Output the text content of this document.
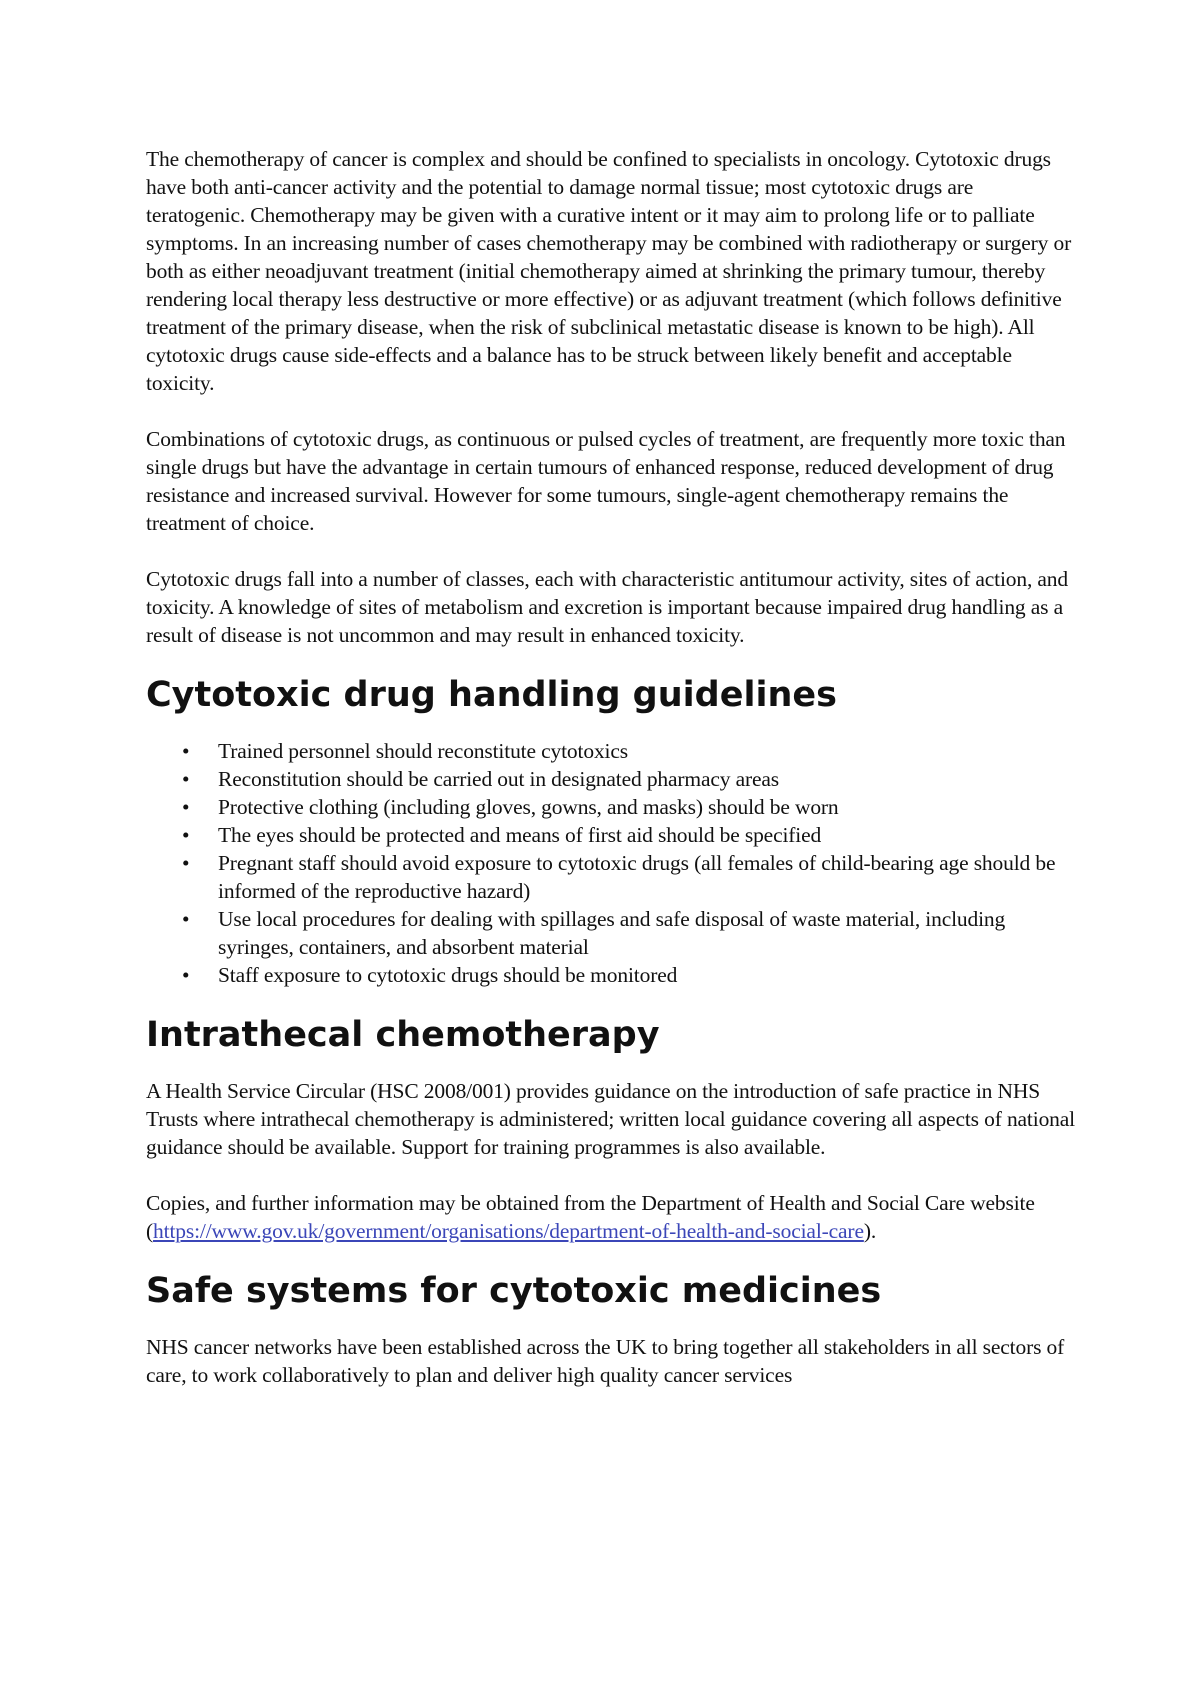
The chemotherapy of cancer is complex and should be confined to specialists in oncology. Cytotoxic drugs have both anti-cancer activity and the potential to damage normal tissue; most cytotoxic drugs are teratogenic. Chemotherapy may be given with a curative intent or it may aim to prolong life or to palliate symptoms. In an increasing number of cases chemotherapy may be combined with radiotherapy or surgery or both as either neoadjuvant treatment (initial chemotherapy aimed at shrinking the primary tumour, thereby rendering local therapy less destructive or more effective) or as adjuvant treatment (which follows definitive treatment of the primary disease, when the risk of subclinical metastatic disease is known to be high). All cytotoxic drugs cause side-effects and a balance has to be struck between likely benefit and acceptable toxicity.

Combinations of cytotoxic drugs, as continuous or pulsed cycles of treatment, are frequently more toxic than single drugs but have the advantage in certain tumours of enhanced response, reduced development of drug resistance and increased survival. However for some tumours, single-agent chemotherapy remains the treatment of choice.

Cytotoxic drugs fall into a number of classes, each with characteristic antitumour activity, sites of action, and toxicity. A knowledge of sites of metabolism and excretion is important because impaired drug handling as a result of disease is not uncommon and may result in enhanced toxicity.

Cytotoxic drug handling guidelines
•	Trained personnel should reconstitute cytotoxics
•	Reconstitution should be carried out in designated pharmacy areas
•	Protective clothing (including gloves, gowns, and masks) should be worn
•	The eyes should be protected and means of first aid should be specified
•	Pregnant staff should avoid exposure to cytotoxic drugs (all females of child-bearing age should be informed of the reproductive hazard)
•	Use local procedures for dealing with spillages and safe disposal of waste material, including syringes, containers, and absorbent material
•	Staff exposure to cytotoxic drugs should be monitored
Intrathecal chemotherapy

A Health Service Circular (HSC 2008/001) provides guidance on the introduction of safe practice in NHS Trusts where intrathecal chemotherapy is administered; written local guidance covering all aspects of national guidance should be available. Support for training programmes is also available.

Copies, and further information may be obtained from the Department of Health and Social Care website (https://www.gov.uk/government/organisations/department-of-health-and-social-care).

Safe systems for cytotoxic medicines

NHS cancer networks have been established across the UK to bring together all stakeholders in all sectors of care, to work collaboratively to plan and deliver high quality cancer services
